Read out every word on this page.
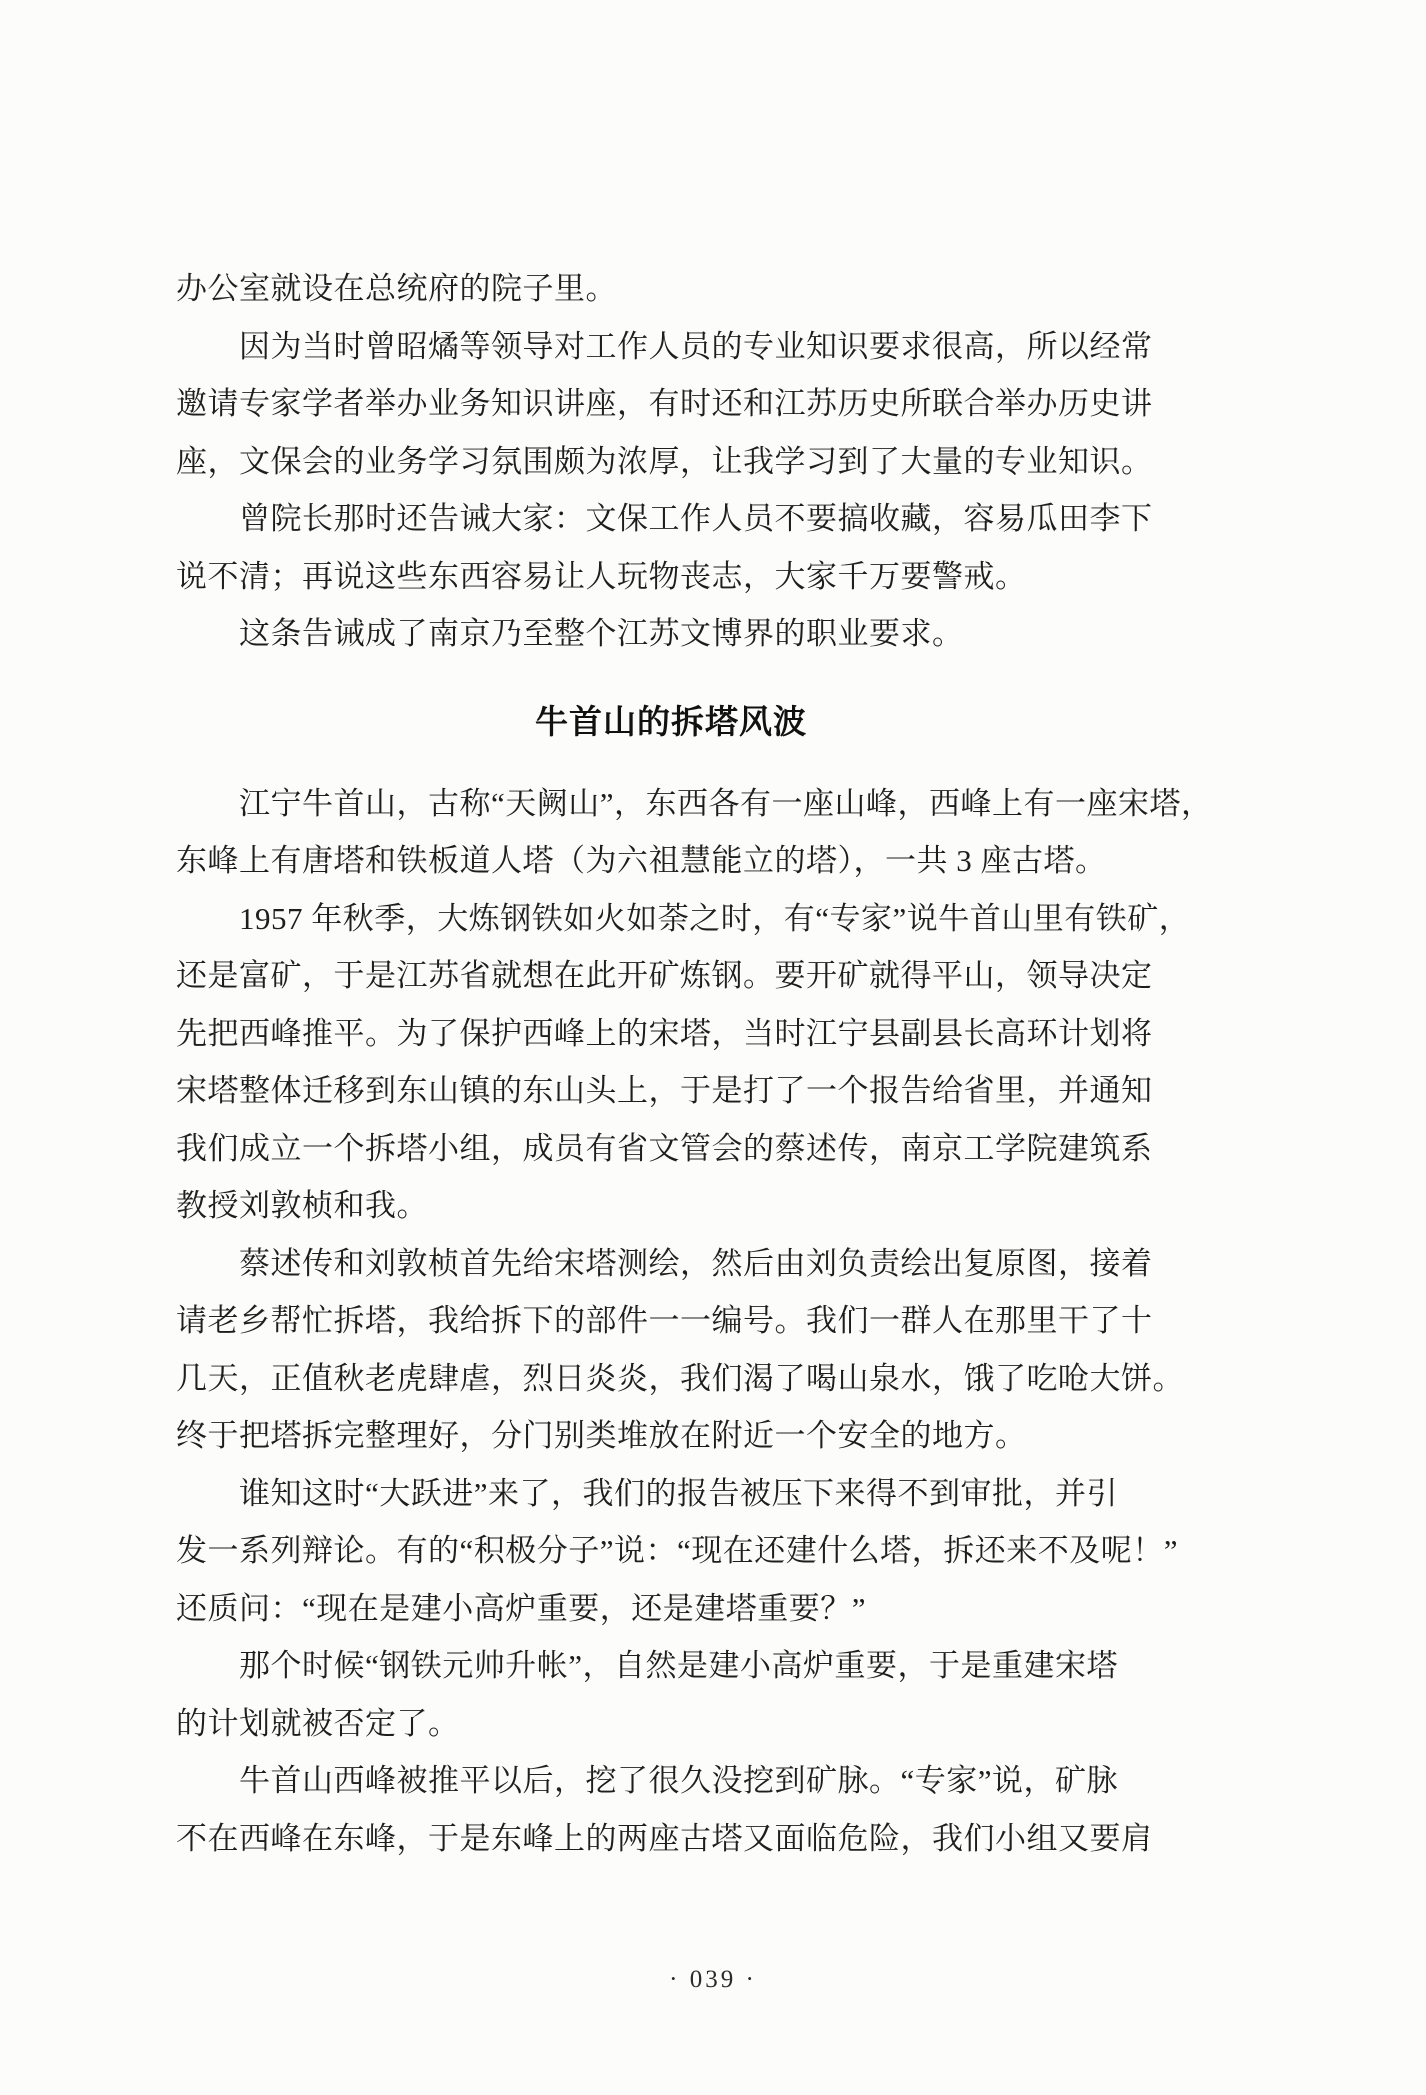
办公室就设在总统府的院子里。
因为当时曾昭燏等领导对工作人员的专业知识要求很高，所以经常
邀请专家学者举办业务知识讲座，有时还和江苏历史所联合举办历史讲
座，文保会的业务学习氛围颇为浓厚，让我学习到了大量的专业知识。
曾院长那时还告诫大家：文保工作人员不要搞收藏，容易瓜田李下
说不清；再说这些东西容易让人玩物丧志，大家千万要警戒。
这条告诫成了南京乃至整个江苏文博界的职业要求。
牛首山的拆塔风波
江宁牛首山，古称“天阙山”，东西各有一座山峰，西峰上有一座宋塔，
东峰上有唐塔和铁板道人塔（为六祖慧能立的塔），一共 3 座古塔。
1957 年秋季，大炼钢铁如火如荼之时，有“专家”说牛首山里有铁矿，
还是富矿，于是江苏省就想在此开矿炼钢。要开矿就得平山，领导决定
先把西峰推平。为了保护西峰上的宋塔，当时江宁县副县长高环计划将
宋塔整体迁移到东山镇的东山头上，于是打了一个报告给省里，并通知
我们成立一个拆塔小组，成员有省文管会的蔡述传，南京工学院建筑系
教授刘敦桢和我。
蔡述传和刘敦桢首先给宋塔测绘，然后由刘负责绘出复原图，接着
请老乡帮忙拆塔，我给拆下的部件一一编号。我们一群人在那里干了十
几天，正值秋老虎肆虐，烈日炎炎，我们渴了喝山泉水，饿了吃呛大饼。
终于把塔拆完整理好，分门别类堆放在附近一个安全的地方。
谁知这时“大跃进”来了，我们的报告被压下来得不到审批，并引
发一系列辩论。有的“积极分子”说：“现在还建什么塔，拆还来不及呢！”
还质问：“现在是建小高炉重要，还是建塔重要？”
那个时候“钢铁元帅升帐”，自然是建小高炉重要，于是重建宋塔
的计划就被否定了。
牛首山西峰被推平以后，挖了很久没挖到矿脉。“专家”说，矿脉
不在西峰在东峰，于是东峰上的两座古塔又面临危险，我们小组又要肩
· 039 ·
